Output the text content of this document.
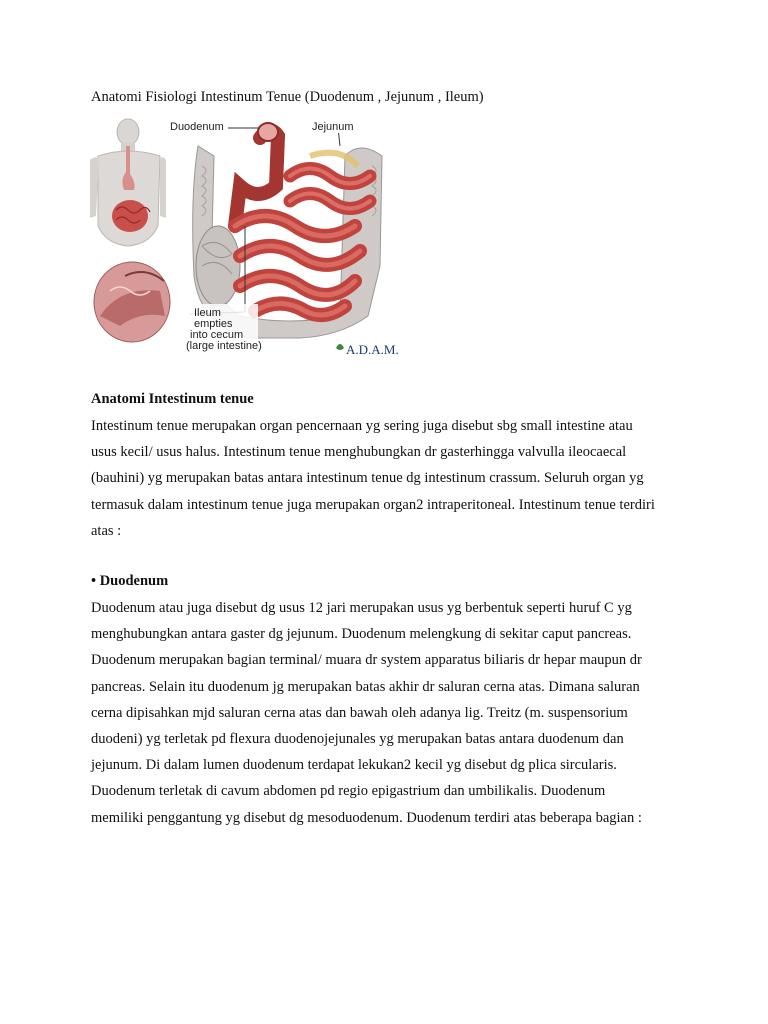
Anatomi Fisiologi Intestinum Tenue (Duodenum , Jejunum , Ileum)
Duodenum	Jejunum
Ileum
empties
into cecum
(large intestine)	A.D.A.M.
Anatomi Intestinum tenue
Intestinum tenue merupakan organ pencernaan yg sering juga disebut sbg small intestine atau
usus kecil/ usus halus. Intestinum tenue menghubungkan dr gasterhingga valvulla ileocaecal
(bauhini) yg merupakan batas antara intestinum tenue dg intestinum crassum. Seluruh organ yg
termasuk dalam intestinum tenue juga merupakan organ2 intraperitoneal. Intestinum tenue terdiri
atas :
• Duodenum
Duodenum atau juga disebut dg usus 12 jari merupakan usus yg berbentuk seperti huruf C yg
menghubungkan antara gaster dg jejunum. Duodenum melengkung di sekitar caput pancreas.
Duodenum merupakan bagian terminal/ muara dr system apparatus biliaris dr hepar maupun dr
pancreas. Selain itu duodenum jg merupakan batas akhir dr saluran cerna atas. Dimana saluran
cerna dipisahkan mjd saluran cerna atas dan bawah oleh adanya lig. Treitz (m. suspensorium
duodeni) yg terletak pd flexura duodenojejunales yg merupakan batas antara duodenum dan
jejunum. Di dalam lumen duodenum terdapat lekukan2 kecil yg disebut dg plica sircularis.
Duodenum terletak di cavum abdomen pd regio epigastrium dan umbilikalis. Duodenum
memiliki penggantung yg disebut dg mesoduodenum. Duodenum terdiri atas beberapa bagian :
